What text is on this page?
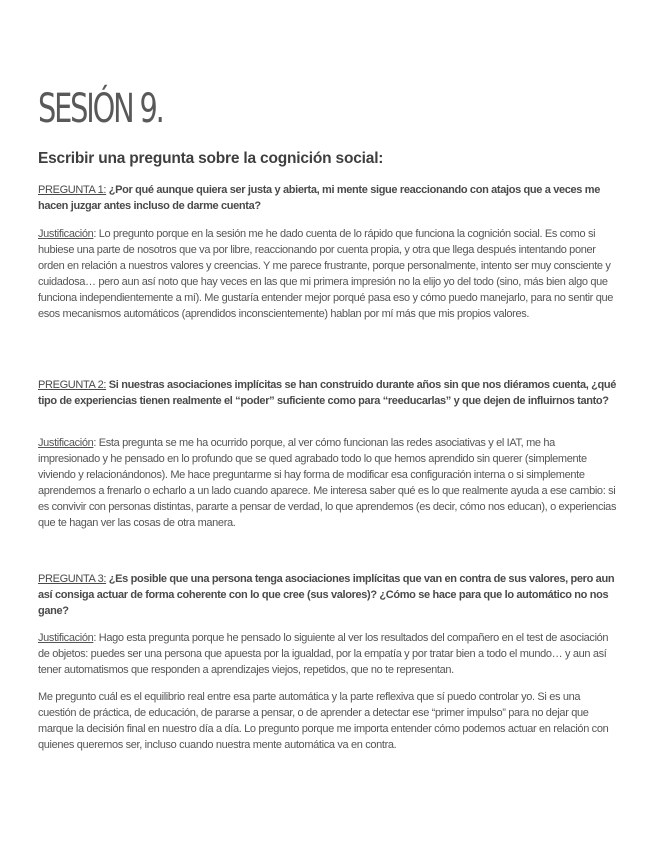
SESIÓN 9.
Escribir una pregunta sobre la cognición social:

PREGUNTA 1: ¿Por qué aunque quiera ser justa y abierta, mi mente sigue reaccionando con atajos que a veces me hacen juzgar antes incluso de darme cuenta?

Justificación: Lo pregunto porque en la sesión me he dado cuenta de lo rápido que funciona la cognición social. Es como si hubiese una parte de nosotros que va por libre, reaccionando por cuenta propia, y otra que llega después intentando poner orden en relación a nuestros valores y creencias. Y me parece frustrante, porque personalmente, intento ser muy consciente y cuidadosa… pero aun así noto que hay veces en las que mi primera impresión no la elijo yo del todo (sino, más bien algo que funciona independientemente a mí). Me gustaría entender mejor porqué pasa eso y cómo puedo manejarlo, para no sentir que esos mecanismos automáticos (aprendidos inconscientemente) hablan por mí más que mis propios valores.

PREGUNTA 2: Si nuestras asociaciones implícitas se han construido durante años sin que nos diéramos cuenta, ¿qué tipo de experiencias tienen realmente el “poder” suficiente como para “reeducarlas” y que dejen de influirnos tanto?

Justificación: Esta pregunta se me ha ocurrido porque, al ver cómo funcionan las redes asociativas y el IAT, me ha impresionado y he pensado en lo profundo que se qued agrabado todo lo que hemos aprendido sin querer (simplemente viviendo y relacionándonos). Me hace preguntarme si hay forma de modificar esa configuración interna o si simplemente aprendemos a frenarlo o echarlo a un lado cuando aparece. Me interesa saber qué es lo que realmente ayuda a ese cambio: si es convivir con personas distintas, pararte a pensar de verdad, lo que aprendemos (es decir, cómo nos educan), o experiencias que te hagan ver las cosas de otra manera.

PREGUNTA 3: ¿Es posible que una persona tenga asociaciones implícitas que van en contra de sus valores, pero aun así consiga actuar de forma coherente con lo que cree (sus valores)? ¿Cómo se hace para que lo automático no nos gane?

Justificación: Hago esta pregunta porque he pensado lo siguiente al ver los resultados del compañero en el test de asociación de objetos: puedes ser una persona que apuesta por la igualdad, por la empatía y por tratar bien a todo el mundo… y aun así tener automatismos que responden a aprendizajes viejos, repetidos, que no te representan.

Me pregunto cuál es el equilibrio real entre esa parte automática y la parte reflexiva que sí puedo controlar yo. Si es una cuestión de práctica, de educación, de pararse a pensar, o de aprender a detectar ese “primer impulso” para no dejar que marque la decisión final en nuestro día a día. Lo pregunto porque me importa entender cómo podemos actuar en relación con quienes queremos ser, incluso cuando nuestra mente automática va en contra.
